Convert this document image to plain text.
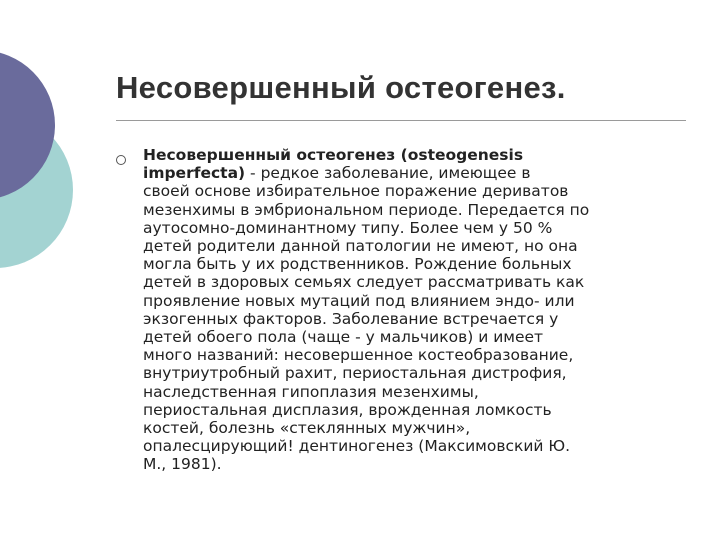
Несовершенный остеогенез.

Несовершенный остеогенез (osteogenesis
imperfecta) - редкое заболевание, имеющее в
своей основе избирательное поражение дериватов
мезенхимы в эмбриональном периоде. Передается по
аутосомно-доминантному типу. Более чем у 50 %
детей родители данной патологии не имеют, но она
могла быть у их родственников. Рождение больных
детей в здоровых семьях следует рассматривать как
проявление новых мутаций под влиянием эндо- или
экзогенных факторов. Заболевание встречается у
детей обоего пола (чаще - у мальчиков) и имеет
много названий: несовершенное костеобразование,
внутриутробный рахит, периостальная дистрофия,
наследственная гипоплазия мезенхимы,
периостальная дисплазия, врожденная ломкость
костей, болезнь «стеклянных мужчин»,
опалесцирующий! дентиногенез (Максимовский Ю.
М., 1981).
